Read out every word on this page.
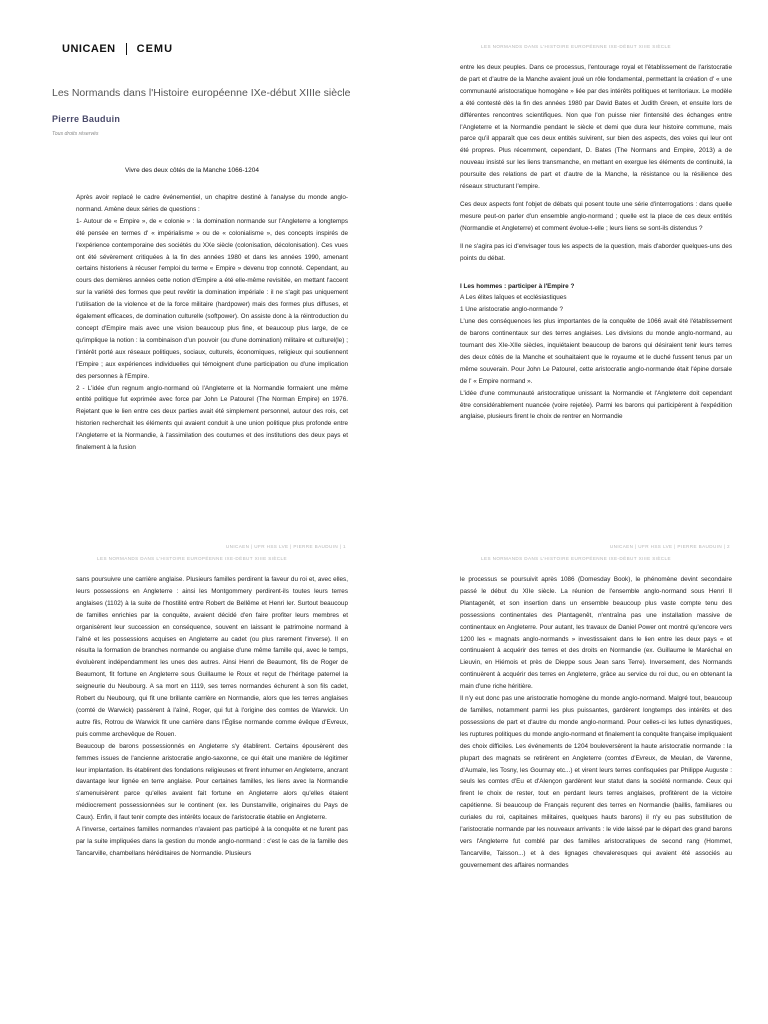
UNICAEN CEMU
Les Normands dans l'Histoire européenne IXe-début XIIIe siècle
Pierre Bauduin
Tous droits réservés
Vivre des deux côtés de la Manche 1066-1204

Après avoir replacé le cadre événementiel, un chapitre destiné à l'analyse du monde anglo-normand. Amène deux séries de questions :

1- Autour de « Empire », de « colonie » : la domination normande sur l'Angleterre a longtemps été pensée en termes d' « impérialisme » ou de « colonialisme », des concepts inspirés de l'expérience contemporaine des sociétés du XXe siècle (colonisation, décolonisation). Ces vues ont été sévèrement critiquées à la fin des années 1980 et dans les années 1990, amenant certains historiens à récuser l'emploi du terme « Empire » devenu trop connoté. Cependant, au cours des dernières années cette notion d'Empire a été elle-même revisitée, en mettant l'accent sur la variété des formes que peut revêtir la domination impériale : il ne s'agit pas uniquement l'utilisation de la violence et de la force militaire (hardpower) mais des formes plus diffuses, et également efficaces, de domination culturelle (softpower). On assiste donc à la réintroduction du concept d'Empire mais avec une vision beaucoup plus fine, et beaucoup plus large, de ce qu'implique la notion : la combinaison d'un pouvoir (ou d'une domination) militaire et culturel(le) ; l'intérêt porté aux réseaux politiques, sociaux, culturels, économiques, religieux qui soutiennent l'Empire ; aux expériences individuelles qui témoignent d'une participation ou d'une implication des personnes à l'Empire.

2 - L'idée d'un regnum anglo-normand où l'Angleterre et la Normandie formaient une même entité politique fut exprimée avec force par John Le Patourel (The Norman Empire) en 1976. Rejetant que le lien entre ces deux parties avait été simplement personnel, autour des rois, cet historien recherchait les éléments qui avaient conduit à une union politique plus profonde entre l'Angleterre et la Normandie, à l'assimilation des coutumes et des institutions des deux pays et finalement à la fusion

LES NORMANDS DANS L'HISTOIRE EUROPÉENNE IXE-DÉBUT XIIIE SIÈCLE

entre les deux peuples. Dans ce processus, l'entourage royal et l'établissement de l'aristocratie de part et d'autre de la Manche avaient joué un rôle fondamental, permettant la création d' « une communauté aristocratique homogène » liée par des intérêts politiques et territoriaux. Le modèle a été contesté dès la fin des années 1980 par David Bates et Judith Green, et ensuite lors de différentes rencontres scientifiques. Non que l'on puisse nier l'intensité des échanges entre l'Angleterre et la Normandie pendant le siècle et demi que dura leur histoire commune, mais parce qu'il apparaît que ces deux entités suivirent, sur bien des aspects, des voies qui leur ont été propres. Plus récemment, cependant, D. Bates (The Normans and Empire, 2013) a de nouveau insisté sur les liens transmanche, en mettant en exergue les éléments de continuité, la poursuite des relations de part et d'autre de la Manche, la résistance ou la résilience des réseaux structurant l'empire.

Ces deux aspects font l'objet de débats qui posent toute une série d'interrogations : dans quelle mesure peut-on parler d'un ensemble anglo-normand ; quelle est la place de ces deux entités (Normandie et Angleterre) et comment évolue-t-elle ; leurs liens se sont-ils distendus ?

Il ne s'agira pas ici d'envisager tous les aspects de la question, mais d'aborder quelques-uns des points du débat.

I Les hommes : participer à l'Empire ?

A Les élites laïques et ecclésiastiques

1 Une aristocratie anglo-normande ?

L'une des conséquences les plus importantes de la conquête de 1066 avait été l'établissement de barons continentaux sur des terres anglaises. Les divisions du monde anglo-normand, au tournant des XIe-XIIe siècles, inquiétaient beaucoup de barons qui désiraient tenir leurs terres des deux côtés de la Manche et souhaitaient que le royaume et le duché fussent tenus par un même souverain. Pour John Le Patourel, cette aristocratie anglo-normande était l'épine dorsale de l' « Empire normand ».

L'idée d'une communauté aristocratique unissant la Normandie et l'Angleterre doit cependant être considérablement nuancée (voire rejetée). Parmi les barons qui participèrent à l'expédition anglaise, plusieurs firent le choix de rentrer en Normandie

LES NORMANDS DANS L'HISTOIRE EUROPÉENNE IXE-DÉBUT XIIIE SIÈCLE

sans poursuivre une carrière anglaise. Plusieurs familles perdirent la faveur du roi et, avec elles, leurs possessions en Angleterre : ainsi les Montgommery perdirent-ils toutes leurs terres anglaises (1102) à la suite de l'hostilité entre Robert de Bellême et Henri Ier. Surtout beaucoup de familles enrichies par la conquête, avaient décidé d'en faire profiter leurs membres et organisèrent leur succession en conséquence, souvent en laissant le patrimoine normand à l'aîné et les possessions acquises en Angleterre au cadet (ou plus rarement l'inverse). Il en résulta la formation de branches normande ou anglaise d'une même famille qui, avec le temps, évoluèrent indépendamment les unes des autres. Ainsi Henri de Beaumont, fils de Roger de Beaumont, fit fortune en Angleterre sous Guillaume le Roux et reçut de l'héritage paternel la seigneurie du Neubourg. A sa mort en 1119, ses terres normandes échurent à son fils cadet, Robert du Neubourg, qui fit une brillante carrière en Normandie, alors que les terres anglaises (comté de Warwick) passèrent à l'aîné, Roger, qui fut à l'origine des comtes de Warwick. Un autre fils, Rotrou de Warwick fit une carrière dans l'Église normande comme évêque d'Evreux, puis comme archevêque de Rouen.

Beaucoup de barons possessionnés en Angleterre s'y établirent. Certains épousèrent des femmes issues de l'ancienne aristocratie anglo-saxonne, ce qui était une manière de légitimer leur implantation. Ils établirent des fondations religieuses et firent inhumer en Angleterre, ancrant davantage leur lignée en terre anglaise. Pour certaines familles, les liens avec la Normandie s'amenuisèrent parce qu'elles avaient fait fortune en Angleterre alors qu'elles étaient médiocrement possessionnées sur le continent (ex. les Dunstanville, originaires du Pays de Caux). Enfin, il faut tenir compte des intérêts locaux de l'aristocratie établie en Angleterre.

A l'inverse, certaines familles normandes n'avaient pas participé à la conquête et ne furent pas par la suite impliquées dans la gestion du monde anglo-normand : c'est le cas de la famille des Tancarville, chambellans héréditaires de Normandie. Plusieurs

LES NORMANDS DANS L'HISTOIRE EUROPÉENNE IXE-DÉBUT XIIIE SIÈCLE

le processus se poursuivit après 1086 (Domesday Book), le phénomène devint secondaire passé le début du XIIe siècle. La réunion de l'ensemble anglo-normand sous Henri II Plantagenêt, et son insertion dans un ensemble beaucoup plus vaste compte tenu des possessions continentales des Plantagenêt, n'entraîna pas une installation massive de continentaux en Angleterre. Pour autant, les travaux de Daniel Power ont montré qu'encore vers 1200 les « magnats anglo-normands » investissaient dans le lien entre les deux pays « et continuaient à acquérir des terres et des droits en Normandie (ex. Guillaume le Maréchal en Lieuvin, en Hiémois et près de Dieppe sous Jean sans Terre). Inversement, des Normands continuèrent à acquérir des terres en Angleterre, grâce au service du roi duc, ou en obtenant la main d'une riche héritière.

Il n'y eut donc pas une aristocratie homogène du monde anglo-normand. Malgré tout, beaucoup de familles, notamment parmi les plus puissantes, gardèrent longtemps des intérêts et des possessions de part et d'autre du monde anglo-normand. Pour celles-ci les luttes dynastiques, les ruptures politiques du monde anglo-normand et finalement la conquête française impliquaient des choix difficiles. Les événements de 1204 bouleversèrent la haute aristocratie normande : la plupart des magnats se retirèrent en Angleterre (comtes d'Evreux, de Meulan, de Varenne, d'Aumale, les Tosny, les Gournay etc...) et virent leurs terres confisquées par Philippe Auguste : seuls les comtes d'Eu et d'Alençon gardèrent leur statut dans la société normande. Ceux qui firent le choix de rester, tout en perdant leurs terres anglaises, profitèrent de la victoire capétienne. Si beaucoup de Français reçurent des terres en Normandie (baillis, familiares ou curiales du roi, capitaines militaires, quelques hauts barons) il n'y eu pas substitution de l'aristocratie normande par les nouveaux arrivants : le vide laissé par le départ des grand barons vers l'Angleterre fut comblé par des familles aristocratiques de second rang (Hommet, Tancarville, Taisson...) et à des lignages chevaleresques qui avaient été associés au gouvernement des affaires normandes

UNICAEN | UFR HSS LVE | PIERRE BAUDUIN | 1	UNICAEN | UFR HSS LVE | PIERRE BAUDUIN | 2
